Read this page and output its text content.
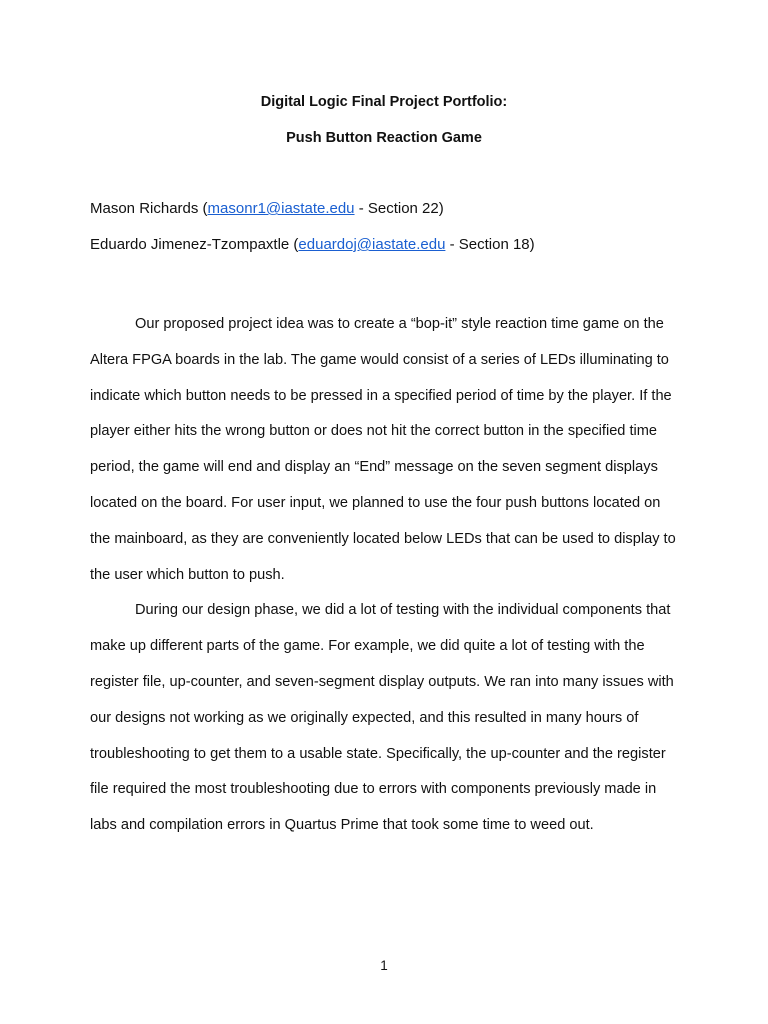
Digital Logic Final Project Portfolio:
Push Button Reaction Game
Mason Richards (masonr1@iastate.edu - Section 22)
Eduardo Jimenez-Tzompaxtle (eduardoj@iastate.edu - Section 18)

Our proposed project idea was to create a “bop-it” style reaction time game on the Altera FPGA boards in the lab. The game would consist of a series of LEDs illuminating to indicate which button needs to be pressed in a specified period of time by the player. If the player either hits the wrong button or does not hit the correct button in the specified time period, the game will end and display an “End” message on the seven segment displays located on the board. For user input, we planned to use the four push buttons located on the mainboard, as they are conveniently located below LEDs that can be used to display to the user which button to push.

During our design phase, we did a lot of testing with the individual components that make up different parts of the game. For example, we did quite a lot of testing with the register file, up-counter, and seven-segment display outputs. We ran into many issues with our designs not working as we originally expected, and this resulted in many hours of troubleshooting to get them to a usable state. Specifically, the up-counter and the register file required the most troubleshooting due to errors with components previously made in labs and compilation errors in Quartus Prime that took some time to weed out.

1
